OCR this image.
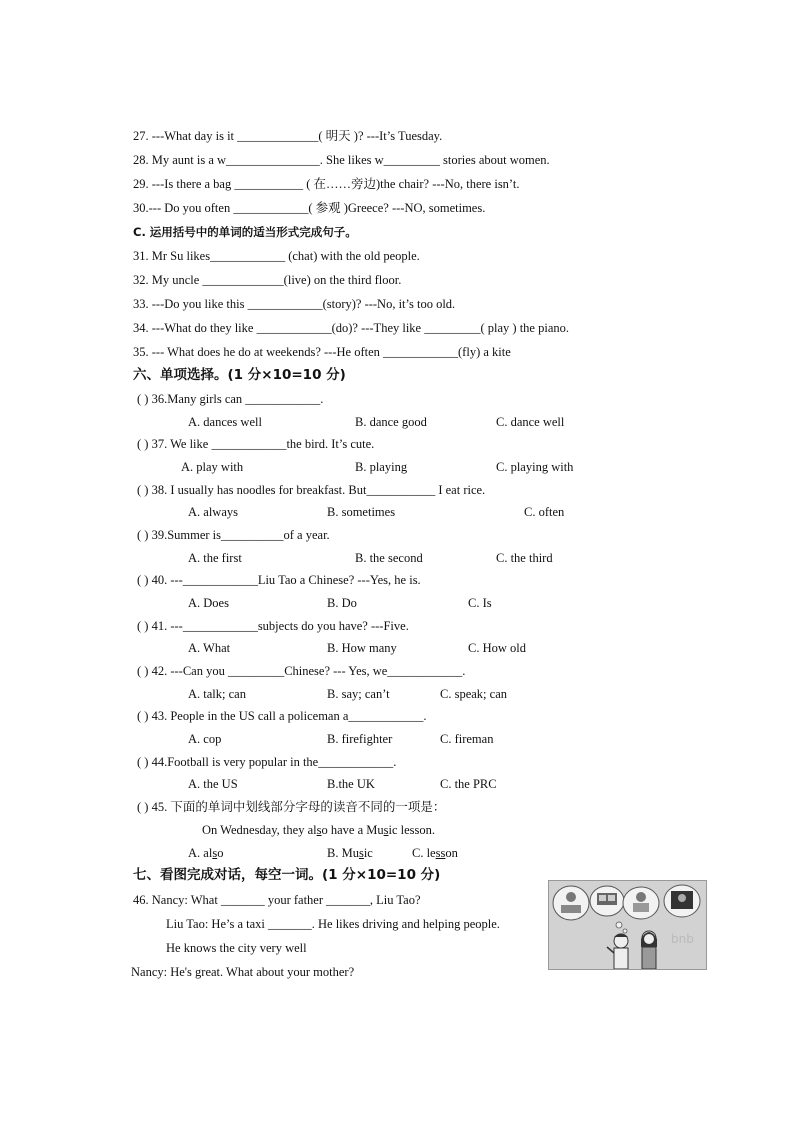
27. ---What day is it _____________( 明天 )? ---It’s Tuesday.
28. My aunt is a w_______________. She likes w_________ stories about women.
29. ---Is there a bag ___________ ( 在……旁边)the chair? ---No, there isn’t.
30.--- Do you often ____________( 参观 )Greece? ---NO, sometimes.
C. 运用括号中的单词的适当形式完成句子。
31. Mr Su likes____________ (chat) with the old people.
32. My uncle _____________(live) on the third floor.
33. ---Do you like this ____________(story)? ---No, it’s too old.
34. ---What do they like ____________(do)? ---They like _________( play ) the piano.
35. --- What does he do at weekends? ---He often ____________(fly) a kite
六、单项选择。(1 分×10=10 分)
( ) 36.Many girls can ____________.
A. dances well	B. dance good	C. dance well
( ) 37. We like ____________the bird. It’s cute.
A. play with	B. playing	C. playing with
( ) 38. I usually has noodles for breakfast. But___________ I eat rice.
A. always	B. sometimes	C. often
( ) 39.Summer is__________of a year.
A. the first	B. the second	C. the third
( ) 40. ---____________Liu Tao a Chinese? ---Yes, he is.
A. Does	B. Do	C. Is
( ) 41. ---____________subjects do you have? ---Five.
A. What	B. How many	C. How old
( ) 42. ---Can you _________Chinese? --- Yes, we____________.
A. talk; can	B. say; can’t	C. speak; can
( ) 43. People in the US call a policeman a____________.
A. cop	B. firefighter	C. fireman
( ) 44.Football is very popular in the____________.
A. the US	B.the UK	C. the PRC
( ) 45. 下面的单词中划线部分字母的读音不同的一项是：
On Wednesday, they also have a Music lesson.
A. also	B. Music	C. lesson
七、看图完成对话，每空一词。(1 分×10=10 分)
46. Nancy: What _______ your father _______, Liu Tao?
Liu Tao: He’s a taxi _______. He likes driving and helping people.
He knows the city very well
Nancy: He's great. What about your mother?
bnb
